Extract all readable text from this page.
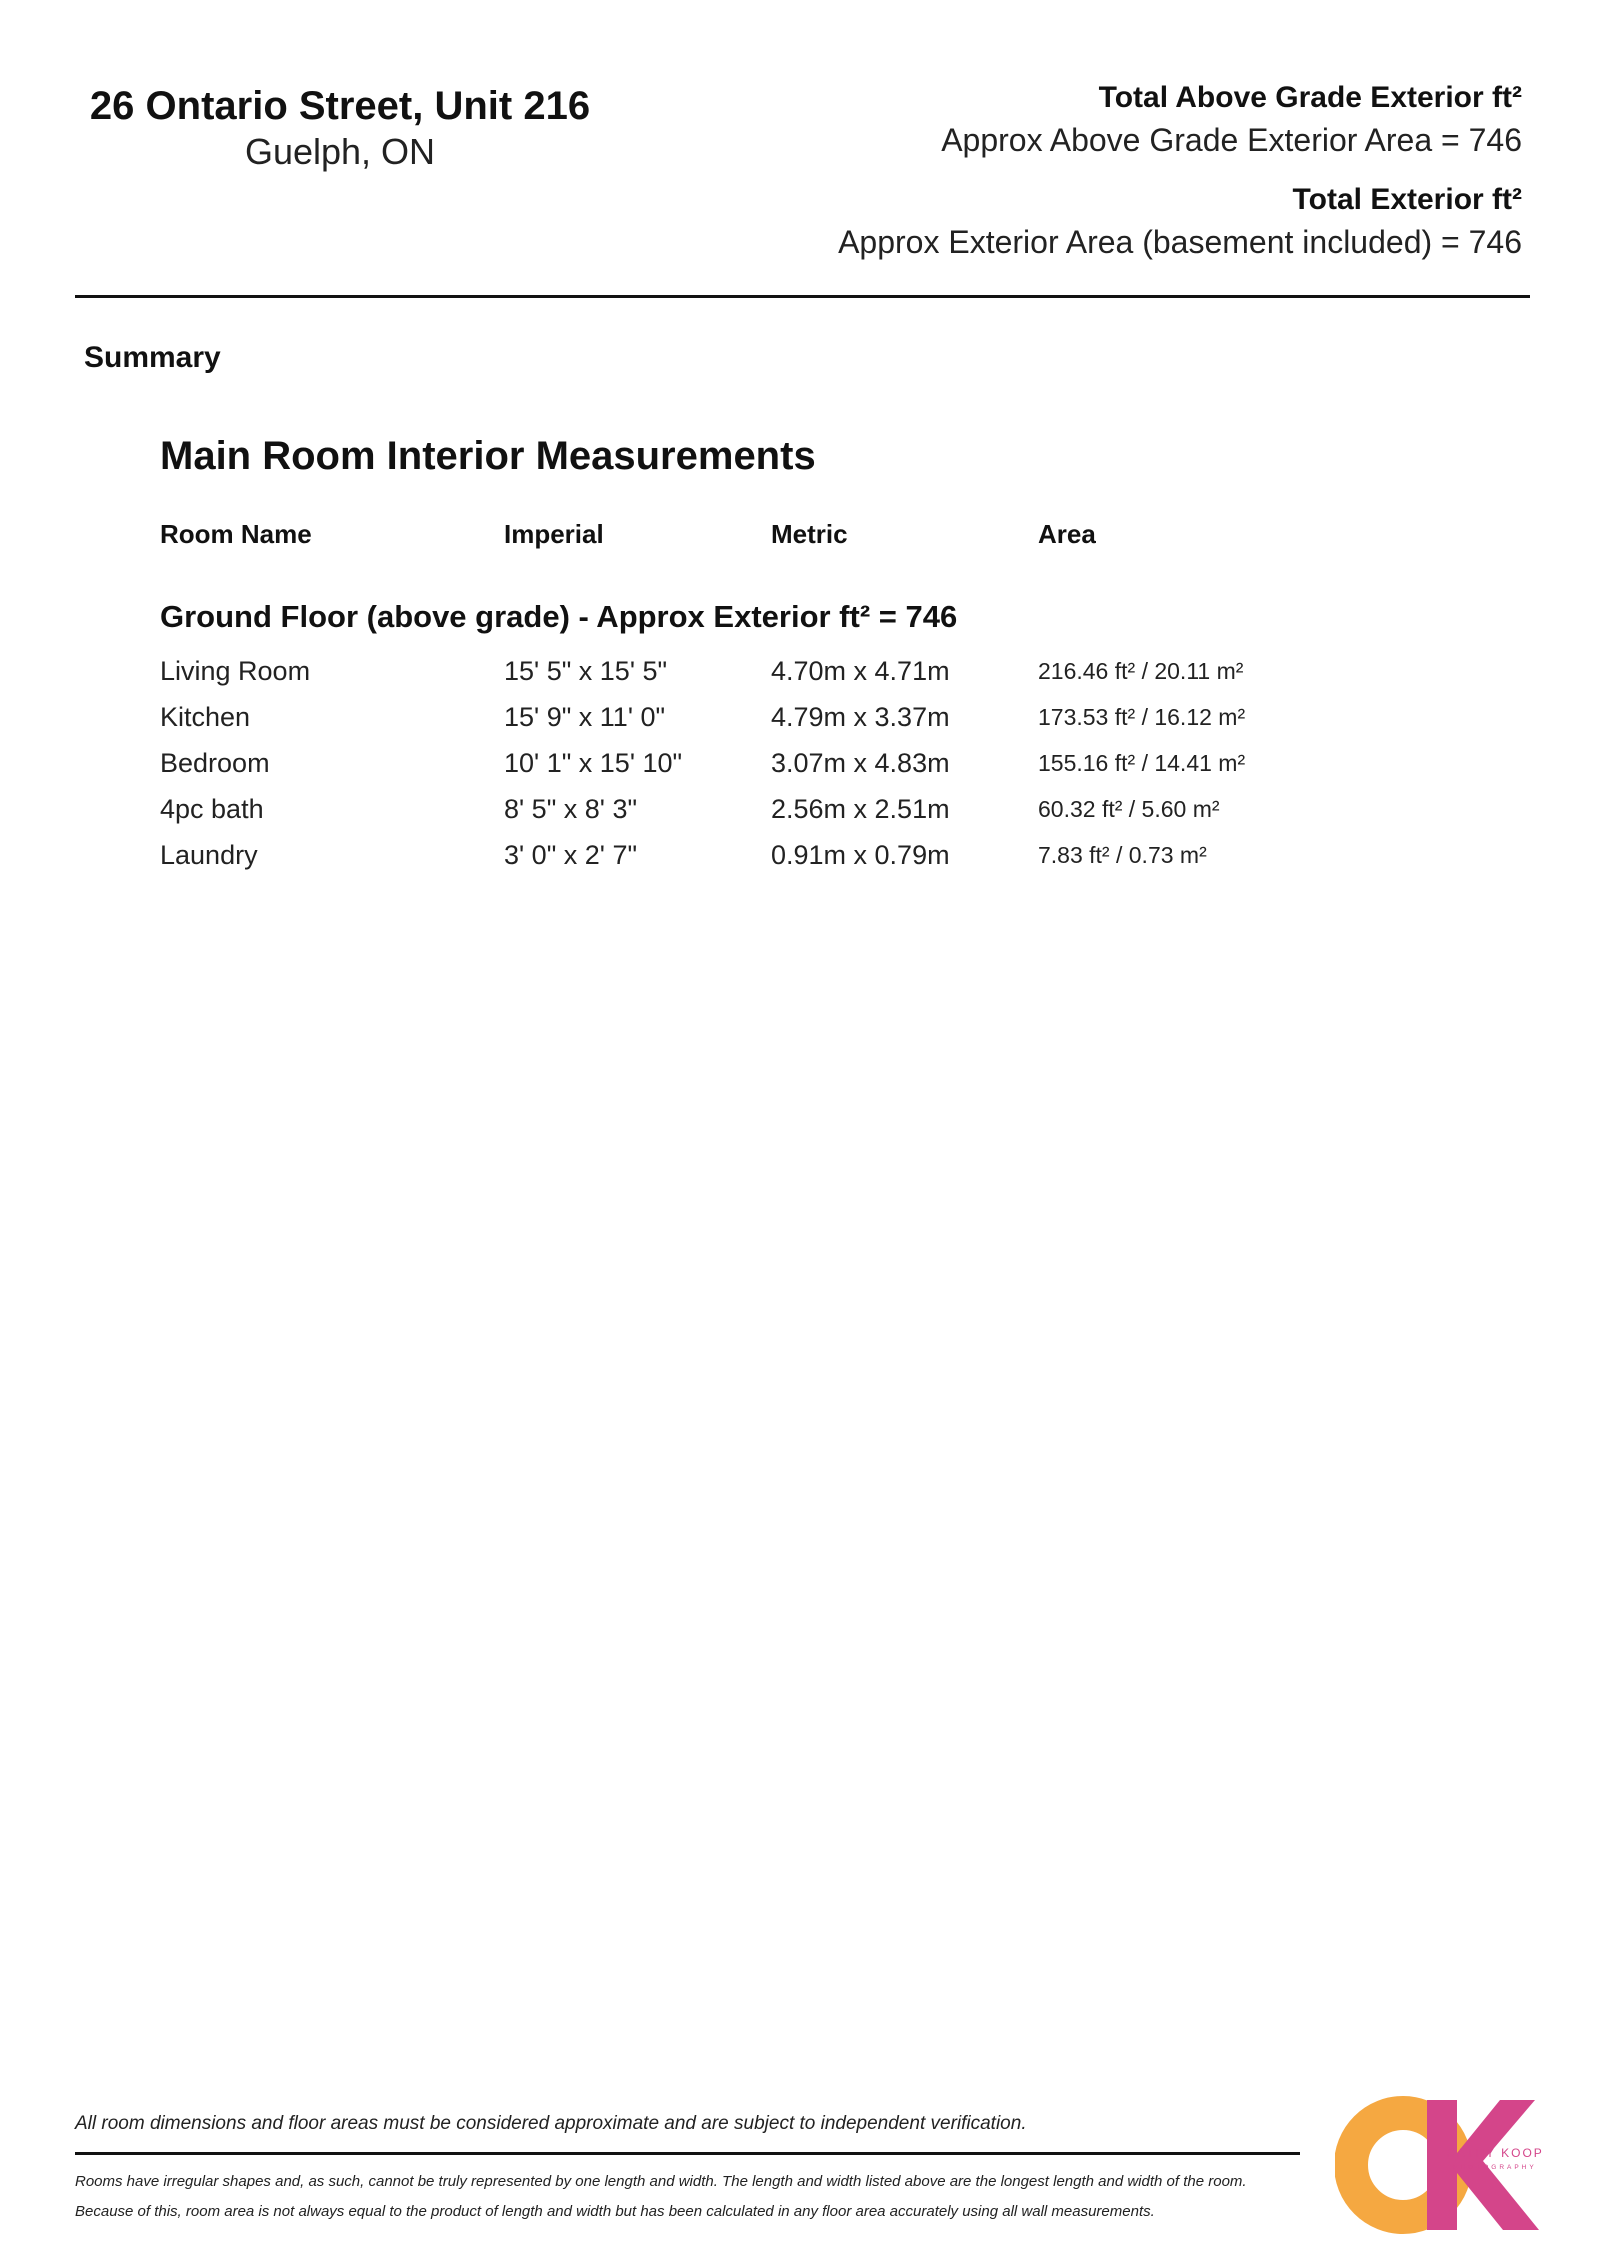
26 Ontario Street, Unit 216
Guelph, ON
Total Above Grade Exterior ft²
Approx Above Grade Exterior Area = 746
Total Exterior ft²
Approx Exterior Area (basement included) = 746
Summary
Main Room Interior Measurements
Room Name	Imperial	Metric	Area
Ground Floor (above grade) - Approx Exterior ft² = 746
Living Room	15' 5" x 15' 5"	4.70m x 4.71m	216.46 ft² / 20.11 m²
Kitchen	15' 9" x 11' 0"	4.79m x 3.37m	173.53 ft² / 16.12 m²
Bedroom	10' 1" x 15' 10"	3.07m x 4.83m	155.16 ft² / 14.41 m²
4pc bath	8' 5" x 8' 3"	2.56m x 2.51m	60.32 ft² / 5.60 m²
Laundry	3' 0" x 2' 7"	0.91m x 0.79m	7.83 ft² / 0.73 m²
All room dimensions and floor areas must be considered approximate and are subject to independent verification.
Rooms have irregular shapes and, as such, cannot be truly represented by one length and width. The length and width listed above are the longest length and width of the room.
Because of this, room area is not always equal to the product of length and width but has been calculated in any floor area accurately using all wall measurements.
CATHY KOOP
PHOTOGRAPHY
